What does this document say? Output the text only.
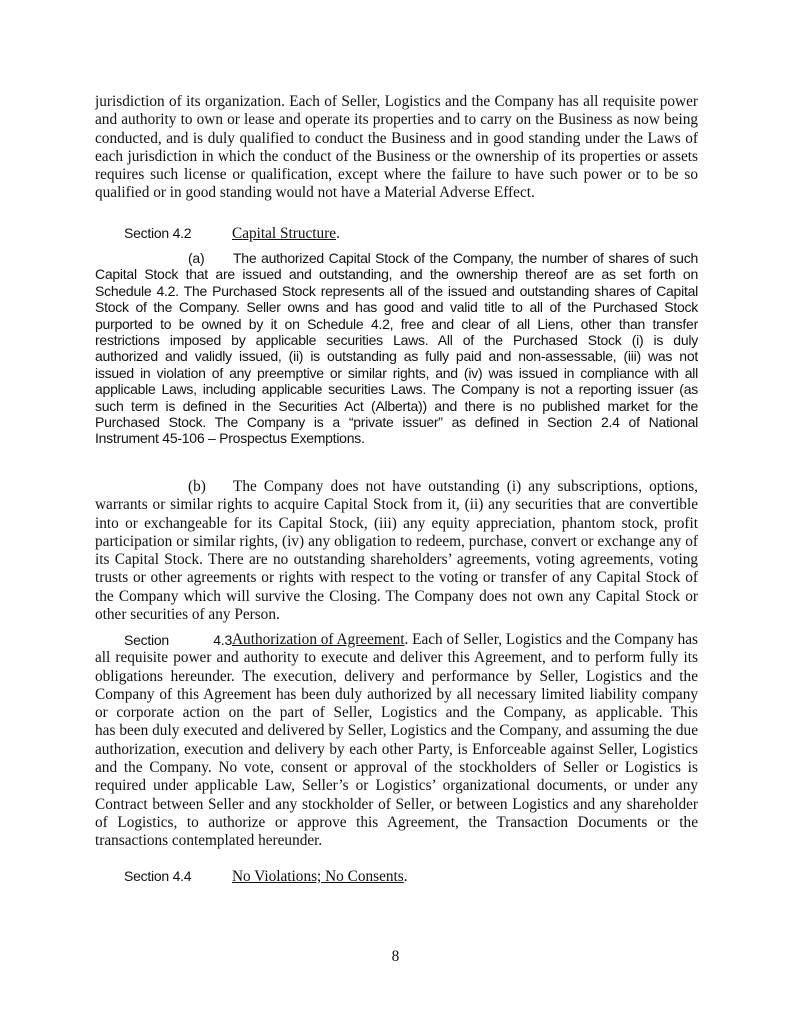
jurisdiction of its organization. Each of Seller, Logistics and the Company has all requisite power
and authority to own or lease and operate its properties and to carry on the Business as now being
conducted, and is duly qualified to conduct the Business and in good standing under the Laws of
each jurisdiction in which the conduct of the Business or the ownership of its properties or assets
requires such license or qualification, except where the failure to have such power or to be so
qualified or in good standing would not have a Material Adverse Effect.
Section 4.2	Capital Structure .
(a)	The authorized Capital Stock of the Company, the number of shares of such
Capital Stock that are issued and outstanding, and the ownership thereof are as set forth on
Schedule 4.2. The Purchased Stock represents all of the issued and outstanding shares of Capital
Stock of the Company. Seller owns and has good and valid title to all of the Purchased Stock
purported to be owned by it on Schedule 4.2, free and clear of all Liens, other than transfer
restrictions imposed by applicable securities Laws. All of the Purchased Stock (i) is duly
authorized and validly issued, (ii) is outstanding as fully paid and non-assessable, (iii) was not
issued in violation of any preemptive or similar rights, and (iv) was issued in compliance with all
applicable Laws, including applicable securities Laws. The Company is not a reporting issuer (as
such term is defined in the Securities Act (Alberta)) and there is no published market for the
Purchased Stock. The Company is a “private issuer” as defined in Section 2.4 of National
Instrument 45-106 – Prospectus Exemptions.
(b)	The Company does not have outstanding (i) any subscriptions, options,
warrants or similar rights to acquire Capital Stock from it, (ii) any securities that are convertible
into or exchangeable for its Capital Stock, (iii) any equity appreciation, phantom stock, profit
participation or similar rights, (iv) any obligation to redeem, purchase, convert or exchange any of
its Capital Stock. There are no outstanding shareholders’ agreements, voting agreements, voting
trusts or other agreements or rights with respect to the voting or transfer of any Capital Stock of
the Company which will survive the Closing. The Company does not own any Capital Stock or
other securities of any Person.
Section 4.3 Authorization of Agreement . Each of Seller, Logistics and the Company has
all requisite power and authority to execute and deliver this Agreement, and to perform fully its
obligations hereunder. The execution, delivery and performance by Seller, Logistics and the
Company of this Agreement has been duly authorized by all necessary limited liability company
or corporate action on the part of Seller, Logistics and the Company, as applicable. This
has been duly executed and delivered by Seller, Logistics and the Company, and assuming the due
authorization, execution and delivery by each other Party, is Enforceable against Seller, Logistics
and the Company. No vote, consent or approval of the stockholders of Seller or Logistics is
required under applicable Law, Seller’s or Logistics’ organizational documents, or under any
Contract between Seller and any stockholder of Seller, or between Logistics and any shareholder
of Logistics, to authorize or approve this Agreement, the Transaction Documents or the
transactions contemplated hereunder.
Section 4.4	No Violations; No Consents .
8
